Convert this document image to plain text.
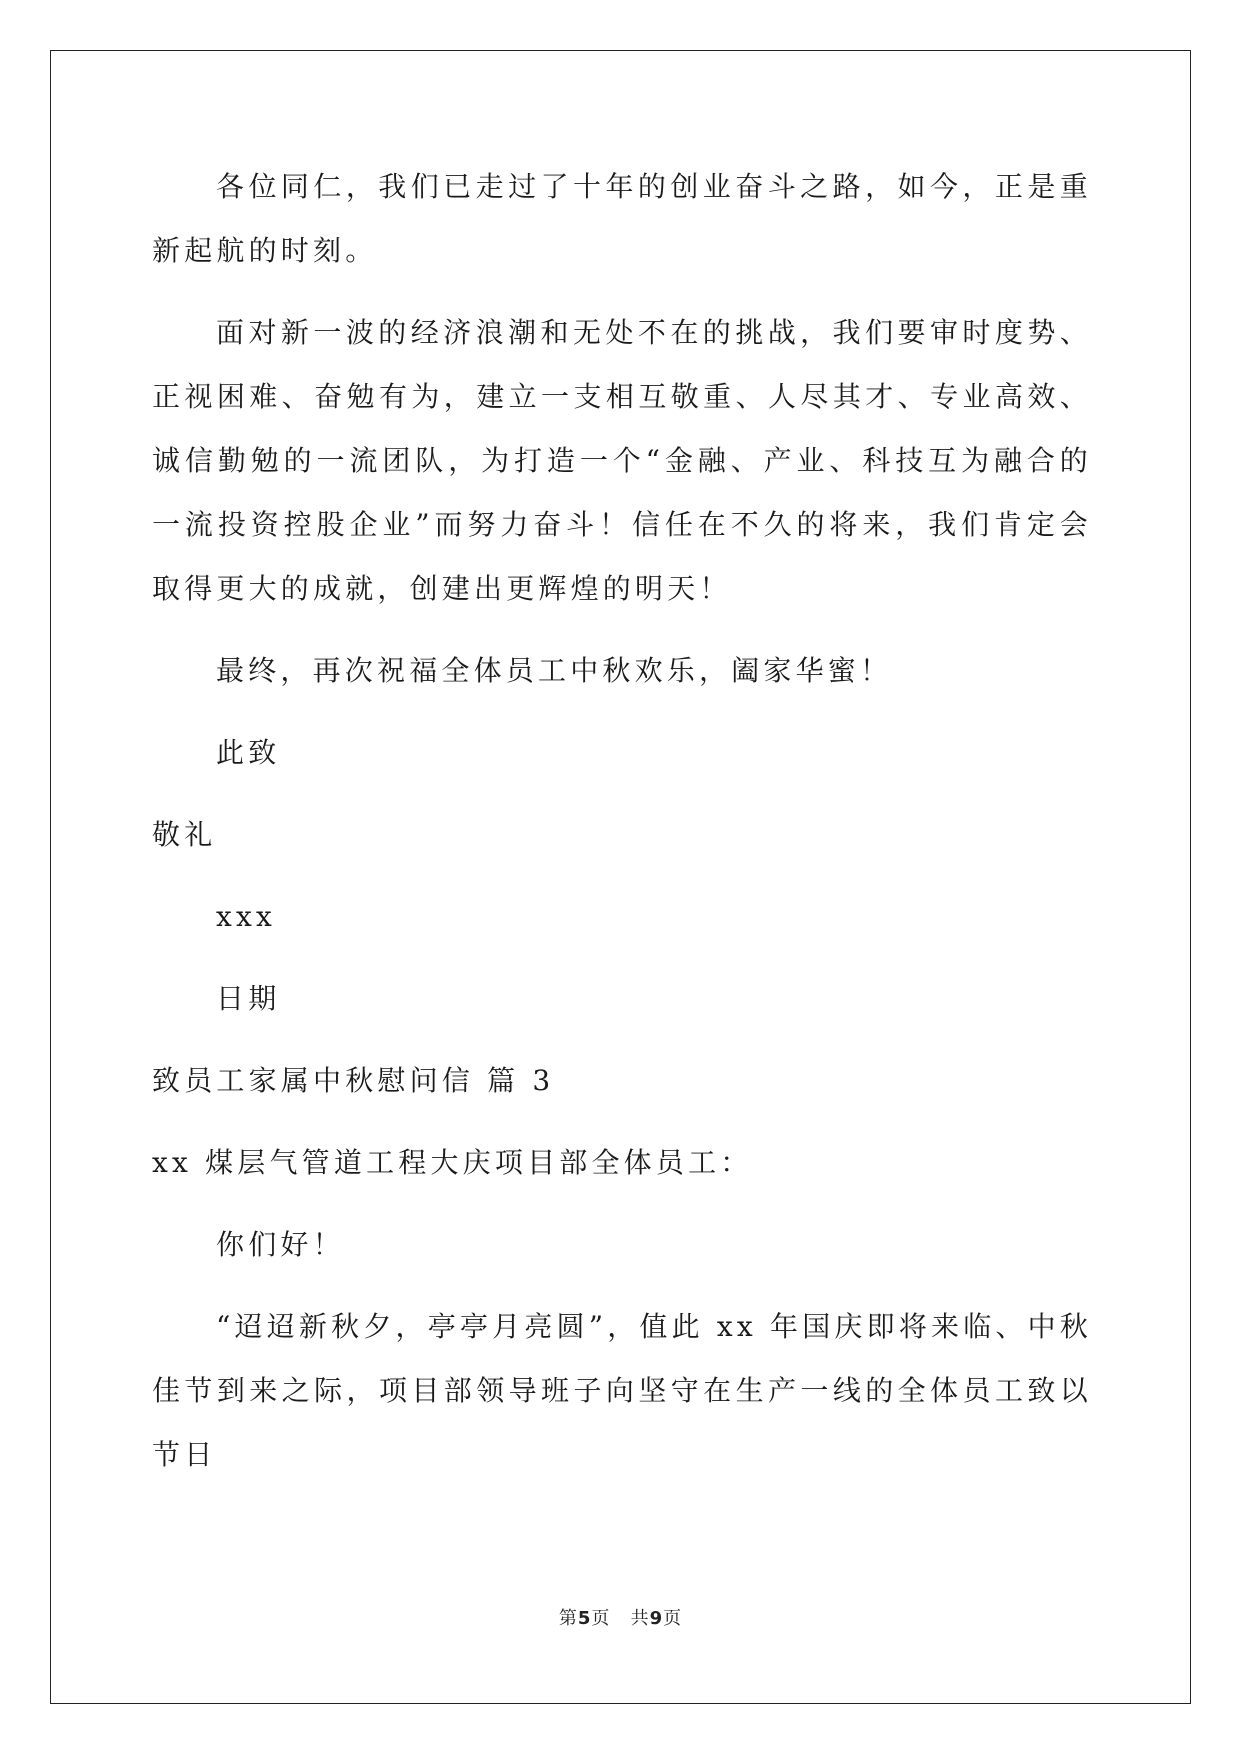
各位同仁，我们已走过了十年的创业奋斗之路，如今，正是重新起航的时刻。

面对新一波的经济浪潮和无处不在的挑战，我们要审时度势、正视困难、奋勉有为，建立一支相互敬重、人尽其才、专业高效、诚信勤勉的一流团队，为打造一个“金融、产业、科技互为融合的一流投资控股企业”而努力奋斗！信任在不久的将来，我们肯定会取得更大的成就，创建出更辉煌的明天！

最终，再次祝福全体员工中秋欢乐，阖家华蜜！

此致

敬礼

xxx

日期

致员工家属中秋慰问信 篇 3

xx 煤层气管道工程大庆项目部全体员工：

你们好！

“迢迢新秋夕，亭亭月亮圆”，值此 xx 年国庆即将来临、中秋佳节到来之际，项目部领导班子向坚守在生产一线的全体员工致以节日

第5页   共9页
